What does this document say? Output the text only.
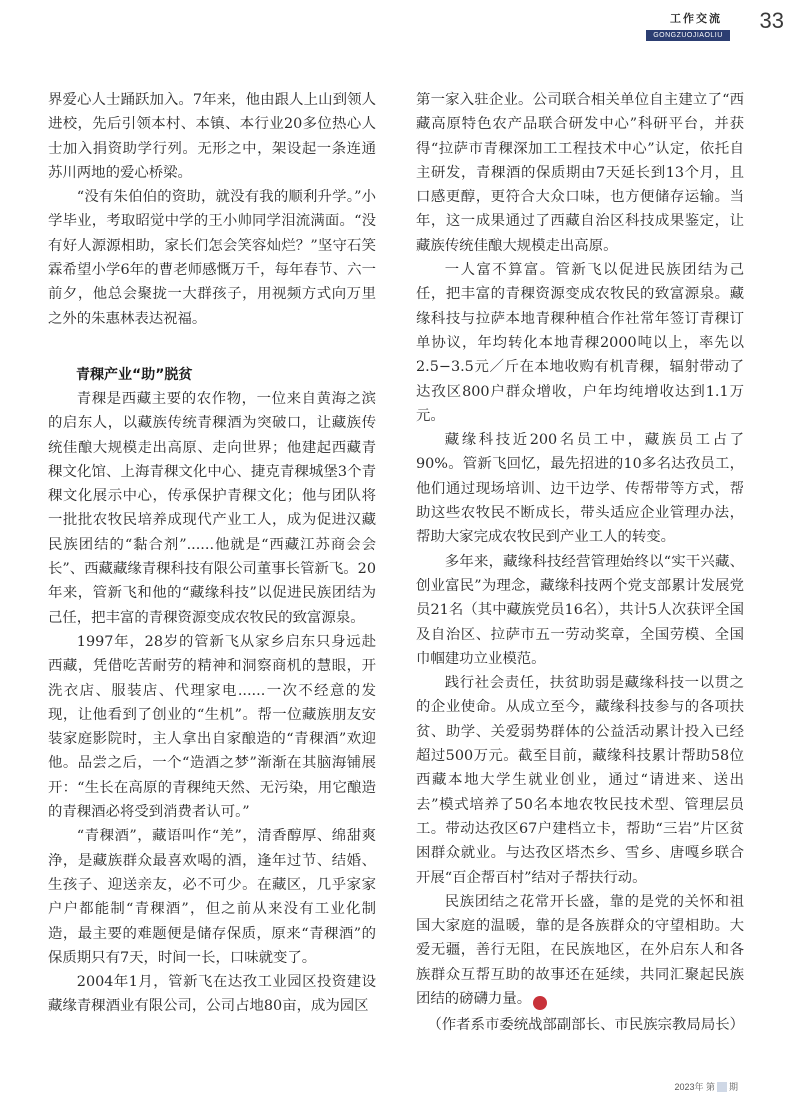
工作交流
GONGZUOJIAOLIU
33

界爱心人士踊跃加入。7年来，他由跟人上山到领人进校，先后引领本村、本镇、本行业20多位热心人士加入捐资助学行列。无形之中，架设起一条连通苏川两地的爱心桥梁。

“没有朱伯伯的资助，就没有我的顺利升学。”小学毕业，考取昭觉中学的王小帅同学泪流满面。“没有好人源源相助，家长们怎会笑容灿烂？”坚守石笑霖希望小学6年的曹老师感慨万千，每年春节、六一前夕，他总会聚拢一大群孩子，用视频方式向万里之外的朱惠林表达祝福。

青稞产业“助”脱贫

青稞是西藏主要的农作物，一位来自黄海之滨的启东人，以藏族传统青稞酒为突破口，让藏族传统佳酿大规模走出高原、走向世界；他建起西藏青稞文化馆、上海青稞文化中心、捷克青稞城堡3个青稞文化展示中心，传承保护青稞文化；他与团队将一批批农牧民培养成现代产业工人，成为促进汉藏民族团结的“黏合剂”......他就是“西藏江苏商会会长”、西藏藏缘青稞科技有限公司董事长管新飞。20年来，管新飞和他的“藏缘科技”以促进民族团结为己任，把丰富的青稞资源变成农牧民的致富源泉。

1997年，28岁的管新飞从家乡启东只身远赴西藏，凭借吃苦耐劳的精神和洞察商机的慧眼，开洗衣店、服装店、代理家电......一次不经意的发现，让他看到了创业的“生机”。帮一位藏族朋友安装家庭影院时，主人拿出自家酿造的“青稞酒”欢迎他。品尝之后，一个“造酒之梦”渐渐在其脑海铺展开：“生长在高原的青稞纯天然、无污染，用它酿造的青稞酒必将受到消费者认可。”

“青稞酒”，藏语叫作“羌”，清香醇厚、绵甜爽浄，是藏族群众最喜欢喝的酒，逢年过节、结婚、生孩子、迎送亲友，必不可少。在藏区，几乎家家户户都能制“青稞酒”，但之前从来没有工业化制造，最主要的难题便是储存保质，原来“青稞酒”的保质期只有7天，时间一长，口味就变了。

2004年1月，管新飞在达孜工业园区投资建设藏缘青稞酒业有限公司，公司占地80亩，成为园区

第一家入驻企业。公司联合相关单位自主建立了“西藏高原特色农产品联合研发中心”科研平台，并获得“拉萨市青稞深加工工程技术中心”认定，依托自主研发，青稞酒的保质期由7天延长到13个月，且口感更醇，更符合大众口味，也方便储存运输。当年，这一成果通过了西藏自治区科技成果鉴定，让藏族传统佳酿大规模走出高原。

一人富不算富。管新飞以促进民族团结为己任，把丰富的青稞资源变成农牧民的致富源泉。藏缘科技与拉萨本地青稞种植合作社常年签订青稞订单协议，年均转化本地青稞2000吨以上，率先以2.5−3.5元／斤在本地收购有机青稞，辐射带动了达孜区800户群众增收，户年均纯增收达到1.1万元。

藏缘科技近200名员工中，藏族员工占了90%。管新飞回忆，最先招进的10多名达孜员工，他们通过现场培训、边干边学、传帮带等方式，帮助这些农牧民不断成长，带头适应企业管理办法，帮助大家完成农牧民到产业工人的转变。

多年来，藏缘科技经营管理始终以“实干兴藏、创业富民”为理念，藏缘科技两个党支部累计发展党员21名（其中藏族党员16名），共计5人次获评全国及自治区、拉萨市五一劳动奖章，全国劳模、全国巾帼建功立业模范。

践行社会责任，扶贫助弱是藏缘科技一以贯之的企业使命。从成立至今，藏缘科技参与的各项扶贫、助学、关爱弱势群体的公益活动累计投入已经超过500万元。截至目前，藏缘科技累计帮助58位西藏本地大学生就业创业，通过“请进来、送出去”模式培养了50名本地农牧民技术型、管理层员工。带动达孜区67户建档立卡，帮助“三岩”片区贫困群众就业。与达孜区塔杰乡、雪乡、唐嘎乡联合开展“百企帮百村”结对子帮扶行动。

民族团结之花常开长盛，靠的是党的关怀和祖国大家庭的温暖，靠的是各族群众的守望相助。大爱无疆，善行无阻，在民族地区，在外启东人和各族群众互帮互助的故事还在延续，共同汇聚起民族团结的磅礴力量。	终

（作者系市委统战部副部长、市民族宗教局局长）

2023年 第 期
